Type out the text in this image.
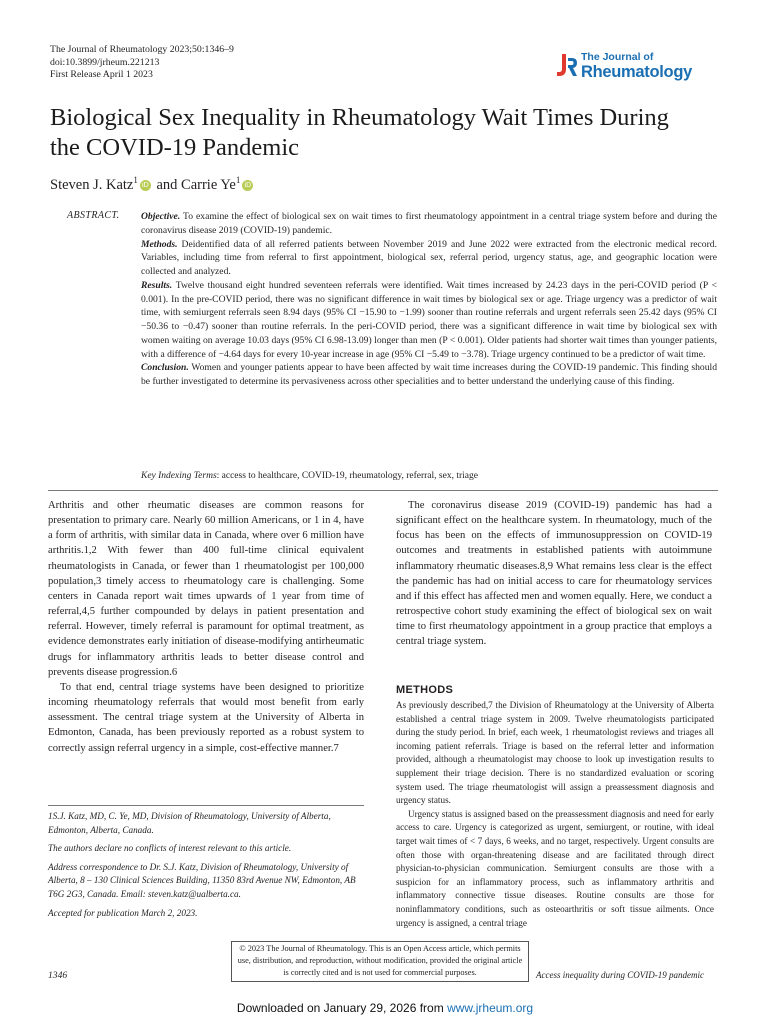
The Journal of Rheumatology 2023;50:1346–9
doi:10.3899/jrheum.221213
First Release April 1 2023
The Journal of
Rheumatology
Biological Sex Inequality in Rheumatology Wait Times During the COVID-19 Pandemic
Steven J. Katz$^1$iD and Carrie Ye$^1$iD
ABSTRACT. Objective. To examine the effect of biological sex on wait times to first rheumatology appointment in a central triage system before and during the coronavirus disease 2019 (COVID-19) pandemic.

Methods. Deidentified data of all referred patients between November 2019 and June 2022 were extracted from the electronic medical record. Variables, including time from referral to first appointment, biological sex, referral period, urgency status, age, and geographic location were collected and analyzed.

Results. Twelve thousand eight hundred seventeen referrals were identified. Wait times increased by 24.23 days in the peri-COVID period (P < 0.001). In the pre-COVID period, there was no significant difference in wait times by biological sex or age. Triage urgency was a predictor of wait time, with semiurgent referrals seen 8.94 days (95% CI −15.90 to −1.99) sooner than routine referrals and urgent referrals seen 25.42 days (95% CI −50.36 to −0.47) sooner than routine referrals. In the peri-COVID period, there was a significant difference in wait time by biological sex with women waiting on average 10.03 days (95% CI 6.98-13.09) longer than men (P < 0.001). Older patients had shorter wait times than younger patients, with a difference of −4.64 days for every 10-year increase in age (95% CI −5.49 to −3.78). Triage urgency continued to be a predictor of wait time.

Conclusion. Women and younger patients appear to have been affected by wait time increases during the COVID-19 pandemic. This finding should be further investigated to determine its pervasiveness across other specialities and to better understand the underlying cause of this finding.

Key Indexing Terms: access to healthcare, COVID-19, rheumatology, referral, sex, triage

Arthritis and other rheumatic diseases are common reasons for presentation to primary care. Nearly 60 million Americans, or 1 in 4, have a form of arthritis, with similar data in Canada, where over 6 million have arthritis.1,2 With fewer than 400 full-time clinical equivalent rheumatologists in Canada, or fewer than 1 rheumatologist per 100,000 population,3 timely access to rheumatology care is challenging. Some centers in Canada report wait times upwards of 1 year from time of referral,4,5 further compounded by delays in patient presentation and referral. However, timely referral is paramount for optimal treatment, as evidence demonstrates early initiation of disease-modifying antirheumatic drugs for inflammatory arthritis leads to better disease control and prevents disease progression.6

To that end, central triage systems have been designed to prioritize incoming rheumatology referrals that would most benefit from early assessment. The central triage system at the University of Alberta in Edmonton, Canada, has been previously reported as a robust system to correctly assign referral urgency in a simple, cost-effective manner.7

The coronavirus disease 2019 (COVID-19) pandemic has had a significant effect on the healthcare system. In rheumatology, much of the focus has been on the effects of immunosuppression on COVID-19 outcomes and treatments in established patients with autoimmune inflammatory rheumatic diseases.8,9 What remains less clear is the effect the pandemic has had on initial access to care for rheumatology services and if this effect has affected men and women equally. Here, we conduct a retrospective cohort study examining the effect of biological sex on wait time to first rheumatology appointment in a group practice that employs a central triage system.

METHODS

As previously described,7 the Division of Rheumatology at the University of Alberta established a central triage system in 2009. Twelve rheumatologists participated during the study period. In brief, each week, 1 rheumatologist reviews and triages all incoming patient referrals. Triage is based on the referral letter and information provided, although a rheumatologist may choose to look up investigation results to supplement their triage decision. There is no standardized evaluation or scoring system used. The triage rheumatologist will assign a preassessment diagnosis and urgency status.

Urgency status is assigned based on the preassessment diagnosis and need for early access to care. Urgency is categorized as urgent, semiurgent, or routine, with ideal target wait times of < 7 days, 6 weeks, and no target, respectively. Urgent consults are often those with organ-threatening disease and are facilitated through direct physician-to-physician communication. Semiurgent consults are those with a suspicion for an inflammatory process, such as inflammatory arthritis and inflammatory connective tissue diseases. Routine consults are those for noninflammatory conditions, such as osteoarthritis or soft tissue ailments. Once urgency is assigned, a central triage

1S.J. Katz, MD, C. Ye, MD, Division of Rheumatology, University of Alberta, Edmonton, Alberta, Canada.

The authors declare no conflicts of interest relevant to this article.

Address correspondence to Dr. S.J. Katz, Division of Rheumatology, University of Alberta, 8 – 130 Clinical Sciences Building, 11350 83rd Avenue NW, Edmonton, AB T6G 2G3, Canada. Email: steven.katz@ualberta.ca.

Accepted for publication March 2, 2023.

© 2023 The Journal of Rheumatology. This is an Open Access article, which permits use, distribution, and reproduction, without modification, provided the original article is correctly cited and is not used for commercial purposes.
1346	Access inequality during COVID-19 pandemic
Downloaded on January 29, 2026 from www.jrheum.org
